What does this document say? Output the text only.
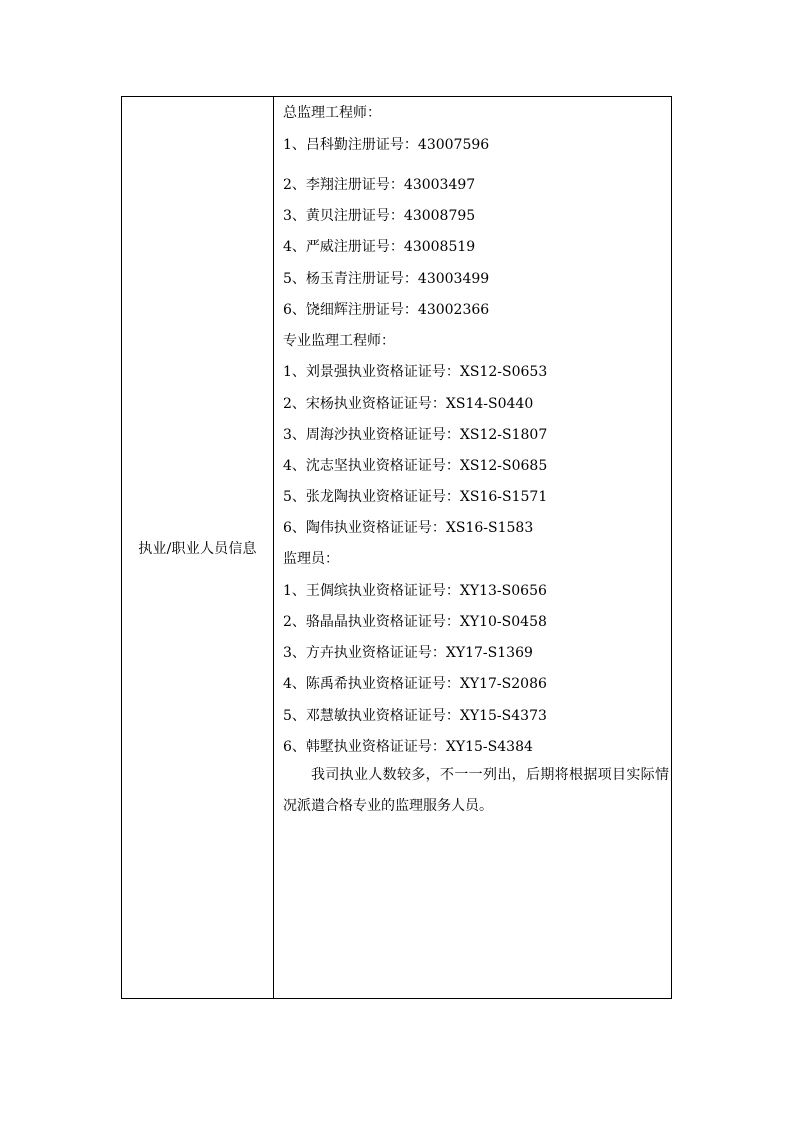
执业/职业人员信息
总监理工程师：
1、吕科勤注册证号：43007596
2、李翔注册证号：43003497
3、黄贝注册证号：43008795
4、严威注册证号：43008519
5、杨玉青注册证号：43003499
6、饶细辉注册证号：43002366
专业监理工程师：
1、刘景强执业资格证证号：XS12-S0653
2、宋杨执业资格证证号：XS14-S0440
3、周海沙执业资格证证号：XS12-S1807
4、沈志坚执业资格证证号：XS12-S0685
5、张龙陶执业资格证证号：XS16-S1571
6、陶伟执业资格证证号：XS16-S1583
监理员：
1、王倜缤执业资格证证号：XY13-S0656
2、骆晶晶执业资格证证号：XY10-S0458
3、方卉执业资格证证号：XY17-S1369
4、陈禹希执业资格证证号：XY17-S2086
5、邓慧敏执业资格证证号：XY15-S4373
6、韩墅执业资格证证号：XY15-S4384
我司执业人数较多，不一一列出，后期将根据项目实际情况派遣合格专业的监理服务人员。
